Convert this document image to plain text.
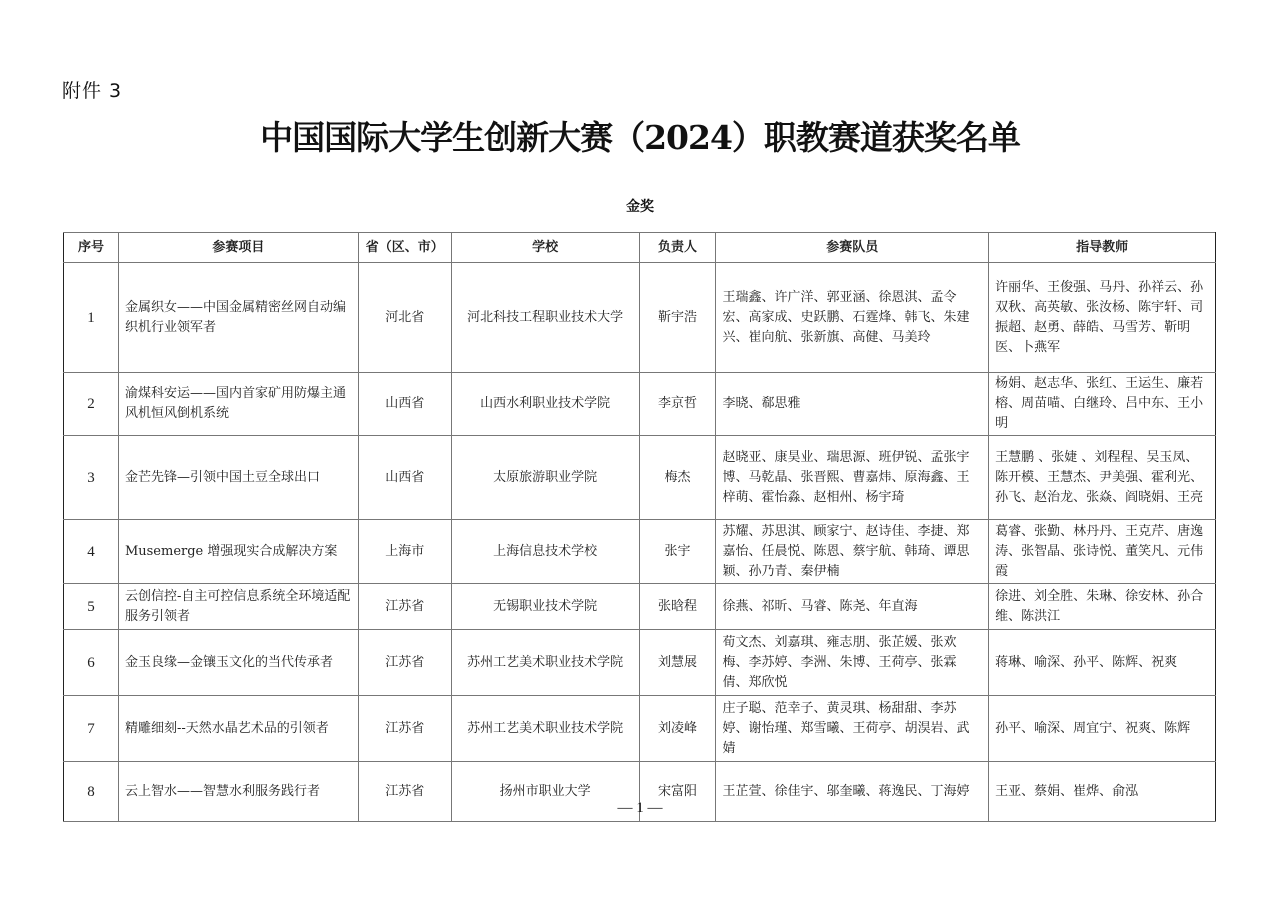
附件 3
中国国际大学生创新大赛（2024）职教赛道获奖名单
金奖
序号	参赛项目	省（区、市）	学校	负责人	参赛队员	指导教师
1	金属织女——中国金属精密丝网自动编织机行业领军者	河北省	河北科技工程职业技术大学	靳宇浩	王瑞鑫、许广洋、郭亚涵、徐恩淇、孟令宏、高家成、史跃鹏、石霆烽、韩飞、朱建兴、崔向航、张新旗、高健、马美玲	许丽华、王俊强、马丹、孙祥云、孙双秋、高英敏、张汝杨、陈宇轩、司振超、赵勇、薛皓、马雪芳、靳明医、卜燕军
2	渝煤科安运——国内首家矿用防爆主通风机恒风倒机系统	山西省	山西水利职业技术学院	李京哲	李晓、郗思雅	杨娟、赵志华、张红、王运生、廉若榕、周苗喵、白继玲、吕中东、王小明
3	金芒先锋—引领中国土豆全球出口	山西省	太原旅游职业学院	梅杰	赵晓亚、康昊业、瑞思源、班伊锐、孟张宇博、马乾晶、张晋熙、曹嘉炜、原海鑫、王梓萌、霍怡淼、赵相州、杨宇琦	王慧鹏 、张婕 、刘程程、吴玉凤、陈开模、王慧杰、尹美强、霍利光、孙飞、赵治龙、张焱、阎晓娟、王亮
4	Musemerge 增强现实合成解决方案	上海市	上海信息技术学校	张宇	苏耀、苏思淇、顾家宁、赵诗佳、李捷、郑嘉怡、任晨悦、陈恩、蔡宇航、韩琦、谭思颖、孙乃青、秦伊楠	葛睿、张勤、林丹丹、王克芹、唐逸涛、张智晶、张诗悦、董笑凡、元伟霞
5	云创信控-自主可控信息系统全环境适配服务引领者	江苏省	无锡职业技术学院	张晗程	徐燕、祁昕、马睿、陈尧、年直海	徐进、刘全胜、朱琳、徐安林、孙合维、陈洪江
6	金玉良缘—金镶玉文化的当代传承者	江苏省	苏州工艺美术职业技术学院	刘慧展	荀文杰、刘嘉琪、雍志朋、张芷媛、张欢梅、李苏婷、李洲、朱博、王荷亭、张霖倩、郑欣悦	蒋琳、喻深、孙平、陈辉、祝爽
7	精雕细刻--天然水晶艺术品的引领者	江苏省	苏州工艺美术职业技术学院	刘凌峰	庄子聪、范幸子、黄灵琪、杨甜甜、李苏婷、谢怡瑾、郑雪曦、王荷亭、胡淏岩、武婧	孙平、喻深、周宜宁、祝爽、陈辉
8	云上智水——智慧水利服务践行者	江苏省	扬州市职业大学	宋富阳	王芷萱、徐佳宇、邬奎曦、蒋逸民、丁海婷	王亚、蔡娟、崔烨、俞泓
— 1 —
